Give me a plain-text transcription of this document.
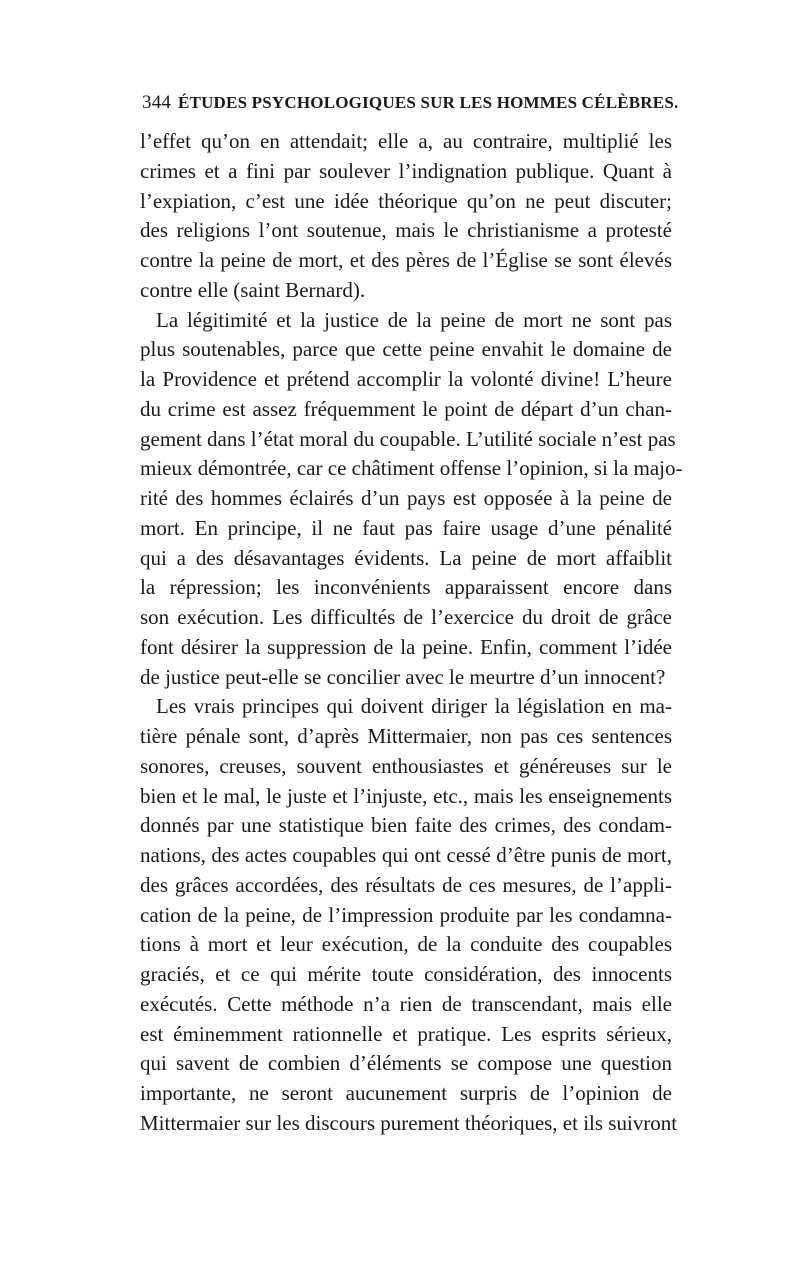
344 ÉTUDES PSYCHOLOGIQUES SUR LES HOMMES CÉLÈBRES.
l’effet qu’on en attendait; elle a, au contraire, multiplié les
crimes et a fini par soulever l’indignation publique. Quant à
l’expiation, c’est une idée théorique qu’on ne peut discuter;
des religions l’ont soutenue, mais le christianisme a protesté
contre la peine de mort, et des pères de l’Église se sont élevés
contre elle (saint Bernard).
La légitimité et la justice de la peine de mort ne sont pas
plus soutenables, parce que cette peine envahit le domaine de
la Providence et prétend accomplir la volonté divine! L’heure
du crime est assez fréquemment le point de départ d’un chan-
gement dans l’état moral du coupable. L’utilité sociale n’est pas
mieux démontrée, car ce châtiment offense l’opinion, si la majo-
rité des hommes éclairés d’un pays est opposée à la peine de
mort. En principe, il ne faut pas faire usage d’une pénalité
qui a des désavantages évidents. La peine de mort affaiblit
la répression; les inconvénients apparaissent encore dans
son exécution. Les difficultés de l’exercice du droit de grâce
font désirer la suppression de la peine. Enfin, comment l’idée
de justice peut-elle se concilier avec le meurtre d’un innocent?
Les vrais principes qui doivent diriger la législation en ma-
tière pénale sont, d’après Mittermaier, non pas ces sentences
sonores, creuses, souvent enthousiastes et généreuses sur le
bien et le mal, le juste et l’injuste, etc., mais les enseignements
donnés par une statistique bien faite des crimes, des condam-
nations, des actes coupables qui ont cessé d’être punis de mort,
des grâces accordées, des résultats de ces mesures, de l’appli-
cation de la peine, de l’impression produite par les condamna-
tions à mort et leur exécution, de la conduite des coupables
graciés, et ce qui mérite toute considération, des innocents
exécutés. Cette méthode n’a rien de transcendant, mais elle
est éminemment rationnelle et pratique. Les esprits sérieux,
qui savent de combien d’éléments se compose une question
importante, ne seront aucunement surpris de l’opinion de
Mittermaier sur les discours purement théoriques, et ils suivront
